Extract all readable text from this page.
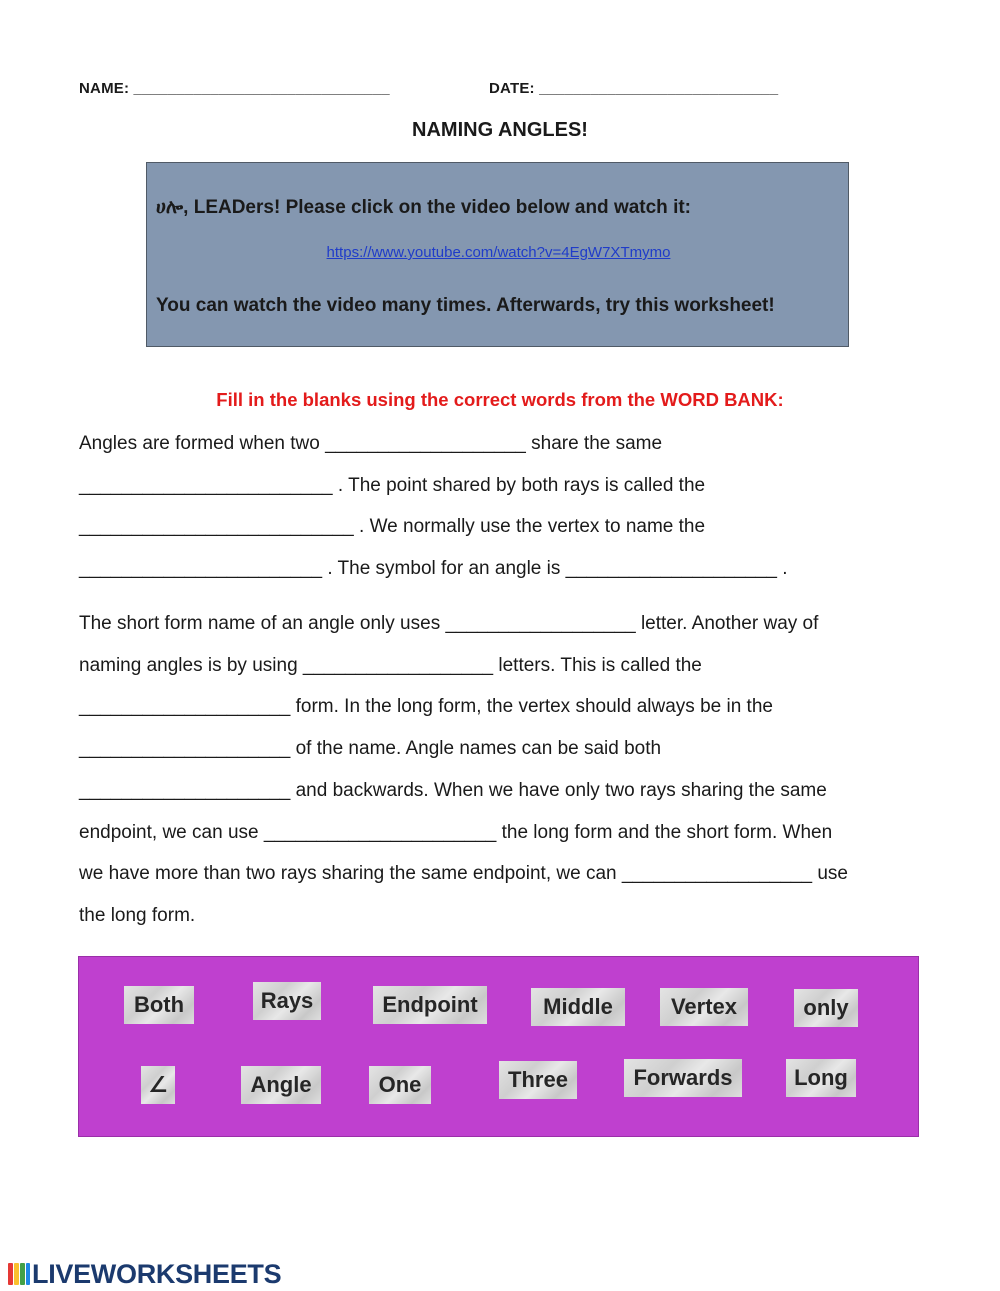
NAME: ______________________________	DATE: ____________________________
NAMING ANGLES!
ሀሎ, LEADers! Please click on the video below and watch it:
https://www.youtube.com/watch?v=4EgW7XTmymo
You can watch the video many times. Afterwards, try this worksheet!
Fill in the blanks using the correct words from the WORD BANK:

Angles are formed when two ___________________ share the same

________________________ . The point shared by both rays is called the

__________________________ . We normally use the vertex to name the

_______________________ . The symbol for an angle is ____________________ .

The short form name of an angle only uses __________________ letter. Another way of

naming angles is by using __________________ letters. This is called the

____________________ form. In the long form, the vertex should always be in the

____________________ of the name. Angle names can be said both

____________________ and backwards. When we have only two rays sharing the same

endpoint, we can use ______________________ the long form and the short form. When

we have more than two rays sharing the same endpoint, we can __________________ use

the long form.

Both	Rays	Endpoint	Middle	Vertex	only
∠	Angle	One	Three	Forwards	Long
LIVEWORKSHEETS
